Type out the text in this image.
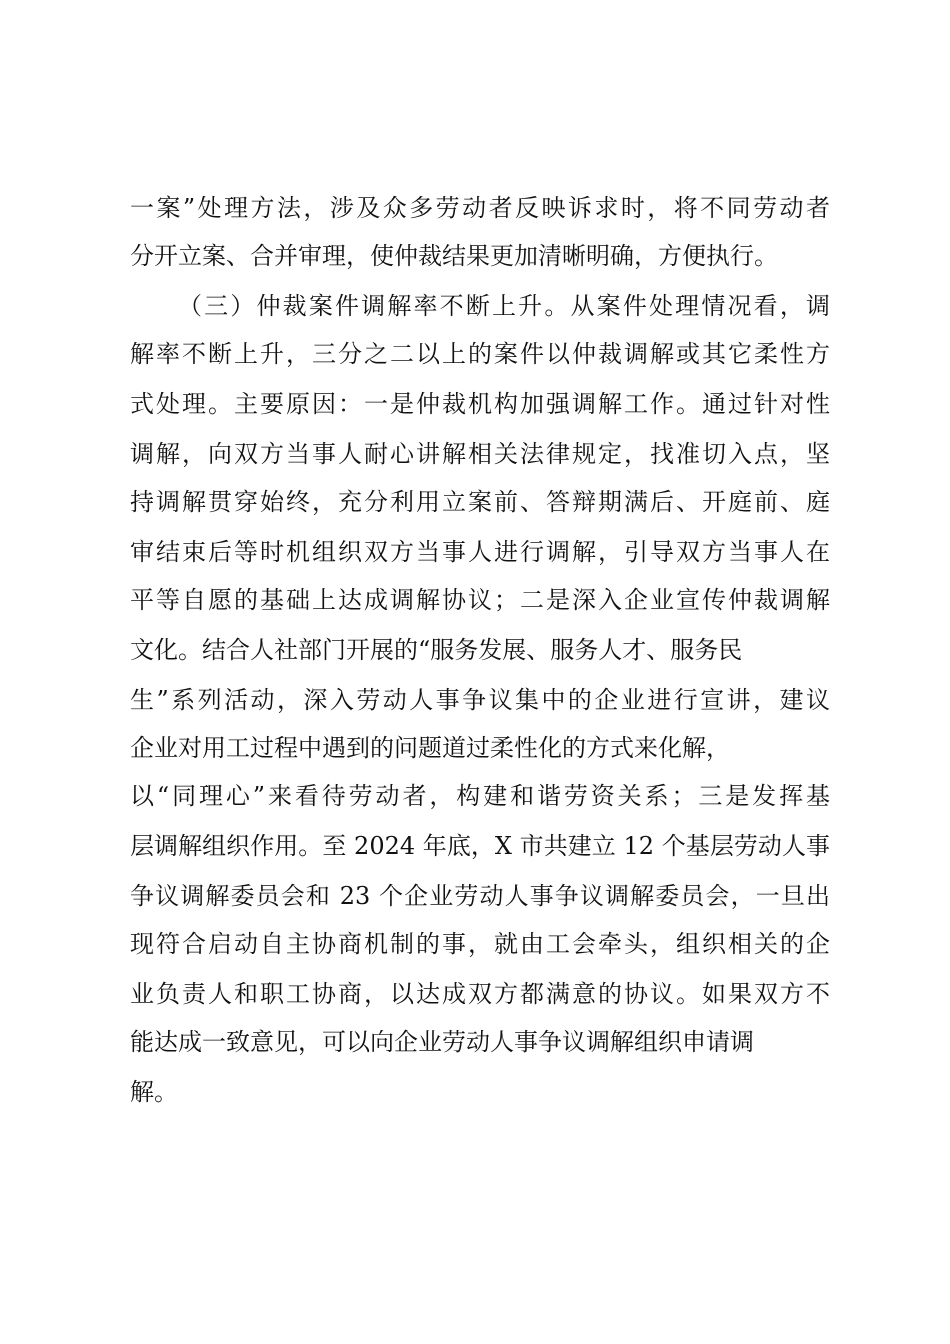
一案”处理方法，涉及众多劳动者反映诉求时，将不同劳动者
分开立案、合并审理，使仲裁结果更加清晰明确，方便执行。
（三）仲裁案件调解率不断上升。从案件处理情况看，调
解率不断上升，三分之二以上的案件以仲裁调解或其它柔性方
式处理。主要原因：一是仲裁机构加强调解工作。通过针对性
调解，向双方当事人耐心讲解相关法律规定，找准切入点，坚
持调解贯穿始终，充分利用立案前、答辩期满后、开庭前、庭
审结束后等时机组织双方当事人进行调解，引导双方当事人在
平等自愿的基础上达成调解协议；二是深入企业宣传仲裁调解
文化。结合人社部门开展的“服务发展、服务人才、服务民
生”系列活动，深入劳动人事争议集中的企业进行宣讲，建议
企业对用工过程中遇到的问题道过柔性化的方式来化解，
以“同理心”来看待劳动者，构建和谐劳资关系；三是发挥基
层调解组织作用。至 2024 年底，X 市共建立 12 个基层劳动人事
争议调解委员会和 23 个企业劳动人事争议调解委员会，一旦出
现符合启动自主协商机制的事，就由工会牵头，组织相关的企
业负责人和职工协商，以达成双方都满意的协议。如果双方不
能达成一致意见，可以向企业劳动人事争议调解组织申请调
解。
